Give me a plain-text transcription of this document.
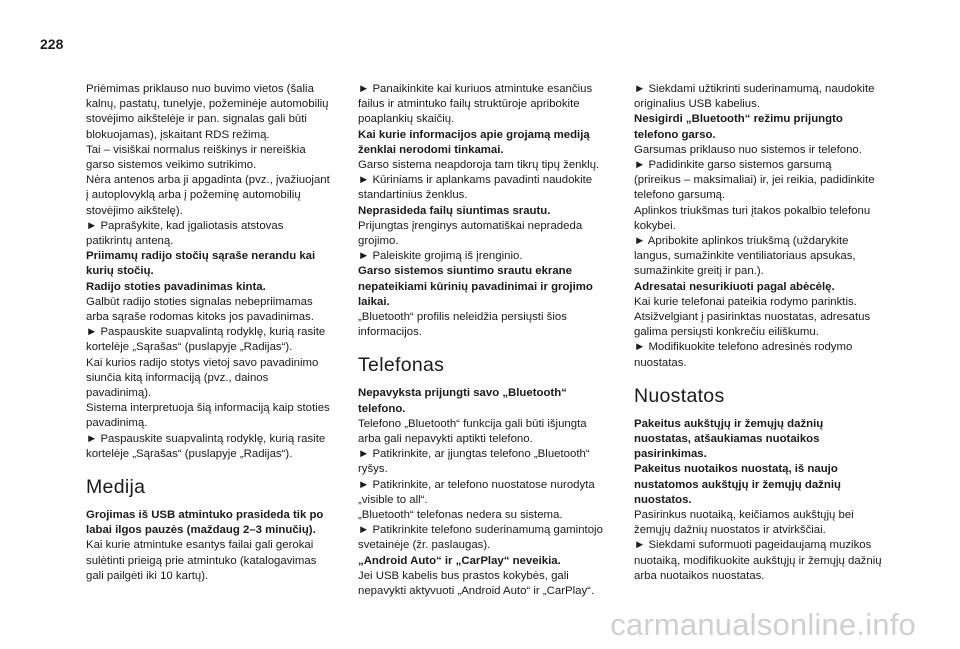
228
Priėmimas priklauso nuo buvimo vietos (šalia
kalnų, pastatų, tunelyje, požeminėje automobilių
stovėjimo aikštelėje ir pan. signalas gali būti
blokuojamas), įskaitant RDS režimą.
Tai – visiškai normalus reiškinys ir nereiškia
garso sistemos veikimo sutrikimo.
Nėra antenos arba ji apgadinta (pvz., įvažiuojant
į autoplovyklą arba į požeminę automobilių
stovėjimo aikštelę).
► Paprašykite, kad įgaliotasis atstovas
patikrintų anteną.
Priimamų radijo stočių sąraše nerandu kai
kurių stočių.
Radijo stoties pavadinimas kinta.
Galbūt radijo stoties signalas nebepriimamas
arba sąraše rodomas kitoks jos pavadinimas.
► Paspauskite suapvalintą rodyklę, kurią rasite
kortelėje „Sąrašas“ (puslapyje „Radijas“).
Kai kurios radijo stotys vietoj savo pavadinimo
siunčia kitą informaciją (pvz., dainos
pavadinimą).
Sistema interpretuoja šią informaciją kaip stoties
pavadinimą.
► Paspauskite suapvalintą rodyklę, kurią rasite
kortelėje „Sąrašas“ (puslapyje „Radijas“).
Medija
Grojimas iš USB atmintuko prasideda tik po
labai ilgos pauzės (maždaug 2–3 minučių).
Kai kurie atmintuke esantys failai gali gerokai
sulėtinti prieigą prie atmintuko (katalogavimas
gali pailgėti iki 10 kartų).
► Panaikinkite kai kuriuos atmintuke esančius
failus ir atmintuko failų struktūroje apribokite
poaplankių skaičių.
Kai kurie informacijos apie grojamą mediją
ženklai nerodomi tinkamai.
Garso sistema neapdoroja tam tikrų tipų ženklų.
► Kūriniams ir aplankams pavadinti naudokite
standartinius ženklus.
Neprasideda failų siuntimas srautu.
Prijungtas įrenginys automatiškai nepradeda
grojimo.
► Paleiskite grojimą iš įrenginio.
Garso sistemos siuntimo srautu ekrane
nepateikiami kūrinių pavadinimai ir grojimo
laikai.
„Bluetooth“ profilis neleidžia persiųsti šios
informacijos.
Telefonas
Nepavyksta prijungti savo „Bluetooth“
telefono.
Telefono „Bluetooth“ funkcija gali būti išjungta
arba gali nepavykti aptikti telefono.
► Patikrinkite, ar įjungtas telefono „Bluetooth“
ryšys.
► Patikrinkite, ar telefono nuostatose nurodyta
„visible to all“.
„Bluetooth“ telefonas nedera su sistema.
► Patikrinkite telefono suderinamumą gamintojo
svetainėje (žr. paslaugas).
„Android Auto“ ir „CarPlay“ neveikia.
Jei USB kabelis bus prastos kokybės, gali
nepavykti aktyvuoti „Android Auto“ ir „CarPlay“.
► Siekdami užtikrinti suderinamumą, naudokite
originalius USB kabelius.
Nesigirdi „Bluetooth“ režimu prijungto
telefono garso.
Garsumas priklauso nuo sistemos ir telefono.
► Padidinkite garso sistemos garsumą
(prireikus – maksimaliai) ir, jei reikia, padidinkite
telefono garsumą.
Aplinkos triukšmas turi įtakos pokalbio telefonu
kokybei.
► Apribokite aplinkos triukšmą (uždarykite
langus, sumažinkite ventiliatoriaus apsukas,
sumažinkite greitį ir pan.).
Adresatai nesurikiuoti pagal abėcėlę.
Kai kurie telefonai pateikia rodymo parinktis.
Atsižvelgiant į pasirinktas nuostatas, adresatus
galima persiųsti konkrečiu eiliškumu.
► Modifikuokite telefono adresinės rodymo
nuostatas.
Nuostatos
Pakeitus aukštųjų ir žemųjų dažnių
nuostatas, atšaukiamas nuotaikos
pasirinkimas.
Pakeitus nuotaikos nuostatą, iš naujo
nustatomos aukštųjų ir žemųjų dažnių
nuostatos.
Pasirinkus nuotaiką, keičiamos aukštųjų bei
žemųjų dažnių nuostatos ir atvirkščiai.
► Siekdami suformuoti pageidaujamą muzikos
nuotaiką, modifikuokite aukštųjų ir žemųjų dažnių
arba nuotaikos nuostatas.
carmanualsonline.info
